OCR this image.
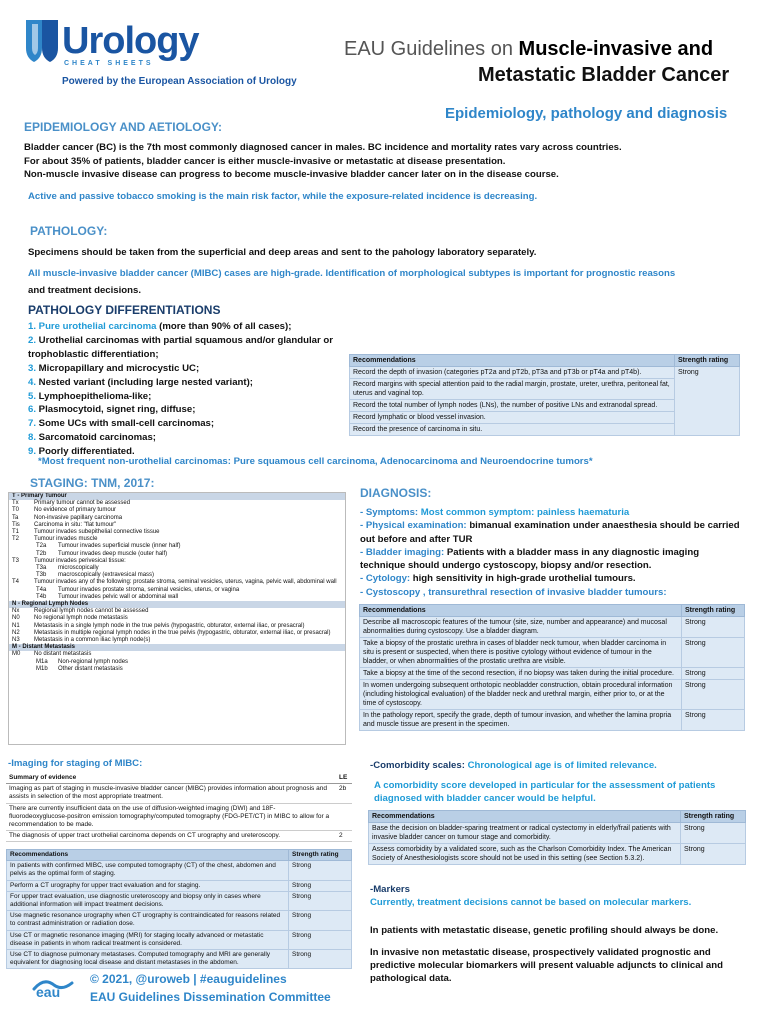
Urology
CHEAT SHEETS
Powered by the European Association of Urology
EAU Guidelines on Muscle-invasive and
Metastatic Bladder Cancer
Epidemiology, pathology and diagnosis
EPIDEMIOLOGY AND AETIOLOGY:

Bladder cancer (BC) is the 7th most commonly diagnosed cancer in males. BC incidence and mortality rates vary across countries.

For about 35% of patients, bladder cancer is either muscle-invasive or metastatic at disease presentation.

Non-muscle invasive disease can progress to become muscle-invasive bladder cancer later on in the disease course.

Active and passive tobacco smoking is the main risk factor, while the exposure-related incidence is decreasing.
PATHOLOGY:
Specimens should be taken from the superficial and deep areas and sent to the pahology laboratory separately.
All muscle-invasive bladder cancer (MIBC) cases are high-grade. Identification of morphological subtypes is important for prognostic reasons
and treatment decisions.
PATHOLOGY DIFFERENTIATIONS
1. Pure urothelial carcinoma (more than 90% of all cases);
2. Urothelial carcinomas with partial squamous and/or glandular or trophoblastic differentiation;
3. Micropapillary and microcystic UC;
4. Nested variant (including large nested variant);
5. Lymphoepithelioma-like;
6. Plasmocytoid, signet ring, diffuse;
7. Some UCs with small-cell carcinomas;
8. Sarcomatoid carcinomas;
9. Poorly differentiated.
Recommendations	Strength rating
Record the depth of invasion (categories pT2a and pT2b, pT3a and pT3b or pT4a and pT4b).	Strong
Record margins with special attention paid to the radial margin, prostate, ureter, urethra, peritoneal fat, uterus and vaginal top.	
Record the total number of lymph nodes (LNs), the number of positive LNs and extranodal spread.	
Record lymphatic or blood vessel invasion.	
Record the presence of carcinoma in situ.	
*Most frequent non-urothelial carcinomas: Pure squamous cell carcinoma, Adenocarcinoma and Neuroendocrine tumors*
STAGING: TNM, 2017:
T - Primary Tumour
Tx	Primary tumour cannot be assessed
T0	No evidence of primary tumour
Ta	Non-invasive papillary carcinoma
Tis	Carcinoma in situ: "flat tumour"
T1	Tumour invades subepithelial connective tissue
T2	Tumour invades muscle
T2a	Tumour invades superficial muscle (inner half)
T2b	Tumour invades deep muscle (outer half)
T3	Tumour invades perivesical tissue:
T3a	microscopically
T3b	macroscopically (extravesical mass)
T4	Tumour invades any of the following: prostate stroma, seminal vesicles, uterus, vagina, pelvic wall, abdominal wall
T4a	Tumour invades prostate stroma, seminal vesicles, uterus, or vagina
T4b	Tumour invades pelvic wall or abdominal wall
N - Regional Lymph Nodes
Nx	Regional lymph nodes cannot be assessed
N0	No regional lymph node metastasis
N1	Metastasis in a single lymph node in the true pelvis (hypogastric, obturator, external iliac, or presacral)
N2	Metastasis in multiple regional lymph nodes in the true pelvis (hypogastric, obturator, external iliac, or presacral)
N3	Metastasis in a common iliac lymph node(s)
M - Distant Metastasis
M0	No distant metastasis
M1a	Non-regional lymph nodes
M1b	Other distant metastasis
DIAGNOSIS:
- Symptoms: Most common symptom: painless haematuria
- Physical examination: bimanual examination under anaesthesia should be carried out before and after TUR
- Bladder imaging: Patients with a bladder mass in any diagnostic imaging technique should undergo cystoscopy, biopsy and/or resection.
- Cytology: high sensitivity in high-grade urothelial tumours.
- Cystoscopy , transurethral resection of invasive bladder tumours:
Recommendations	Strength rating
Describe all macroscopic features of the tumour (site, size, number and appearance) and mucosal abnormalities during cystoscopy. Use a bladder diagram.	Strong
Take a biopsy of the prostatic urethra in cases of bladder neck tumour, when bladder carcinoma in situ is present or suspected, when there is positive cytology without evidence of tumour in the bladder, or when abnormalities of the prostatic urethra are visible.	Strong
Take a biopsy at the time of the second resection, if no biopsy was taken during the initial procedure.	Strong
In women undergoing subsequent orthotopic neobladder construction, obtain procedural information (including histological evaluation) of the bladder neck and urethral margin, either prior to, or at the time of cystoscopy.	Strong
In the pathology report, specify the grade, depth of tumour invasion, and whether the lamina propria and muscle tissue are present in the specimen.	Strong
-Imaging for staging of MIBC:
Summary of evidence	LE
Imaging as part of staging in muscle-invasive bladder cancer (MIBC) provides information about prognosis and assists in selection of the most appropriate treatment.	2b
There are currently insufficient data on the use of diffusion-weighted imaging (DWI) and 18F-fluorodeoxyglucose-positron emission tomography/computed tomography (FDG-PET/CT) in MIBC to allow for a recommendation to be made.	
The diagnosis of upper tract urothelial carcinoma depends on CT urography and ureteroscopy.	2
Recommendations	Strength rating
In patients with confirmed MIBC, use computed tomography (CT) of the chest, abdomen and pelvis as the optimal form of staging.	Strong
Perform a CT urography for upper tract evaluation and for staging.	Strong
For upper tract evaluation, use diagnostic ureteroscopy and biopsy only in cases where additional information will impact treatment decisions.	Strong
Use magnetic resonance urography when CT urography is contraindicated for reasons related to contrast administration or radiation dose.	Strong
Use CT or magnetic resonance imaging (MRI) for staging locally advanced or metastatic disease in patients in whom radical treatment is considered.	Strong
Use CT to diagnose pulmonary metastases. Computed tomography and MRI are generally equivalent for diagnosing local disease and distant metastases in the abdomen.	Strong
-Comorbidity scales: Chronological age is of limited relevance.
A comorbidity score developed in particular for the assessment of patients diagnosed with bladder cancer would be helpful.
Recommendations	Strength rating
Base the decision on bladder-sparing treatment or radical cystectomy in elderly/frail patients with invasive bladder cancer on tumour stage and comorbidity.	Strong
Assess comorbidity by a validated score, such as the Charlson Comorbidity Index. The American Society of Anesthesiologists score should not be used in this setting (see Section 5.3.2).	Strong
-Markers
Currently, treatment decisions cannot be based on molecular markers.
In patients with metastatic disease, genetic profiling should always be done.
In invasive non metastatic disease, prospectively validated prognostic and predictive molecular biomarkers will present valuable adjuncts to clinical and pathological data.
eau
© 2021, @uroweb | #eauguidelines
EAU Guidelines Dissemination Committee
